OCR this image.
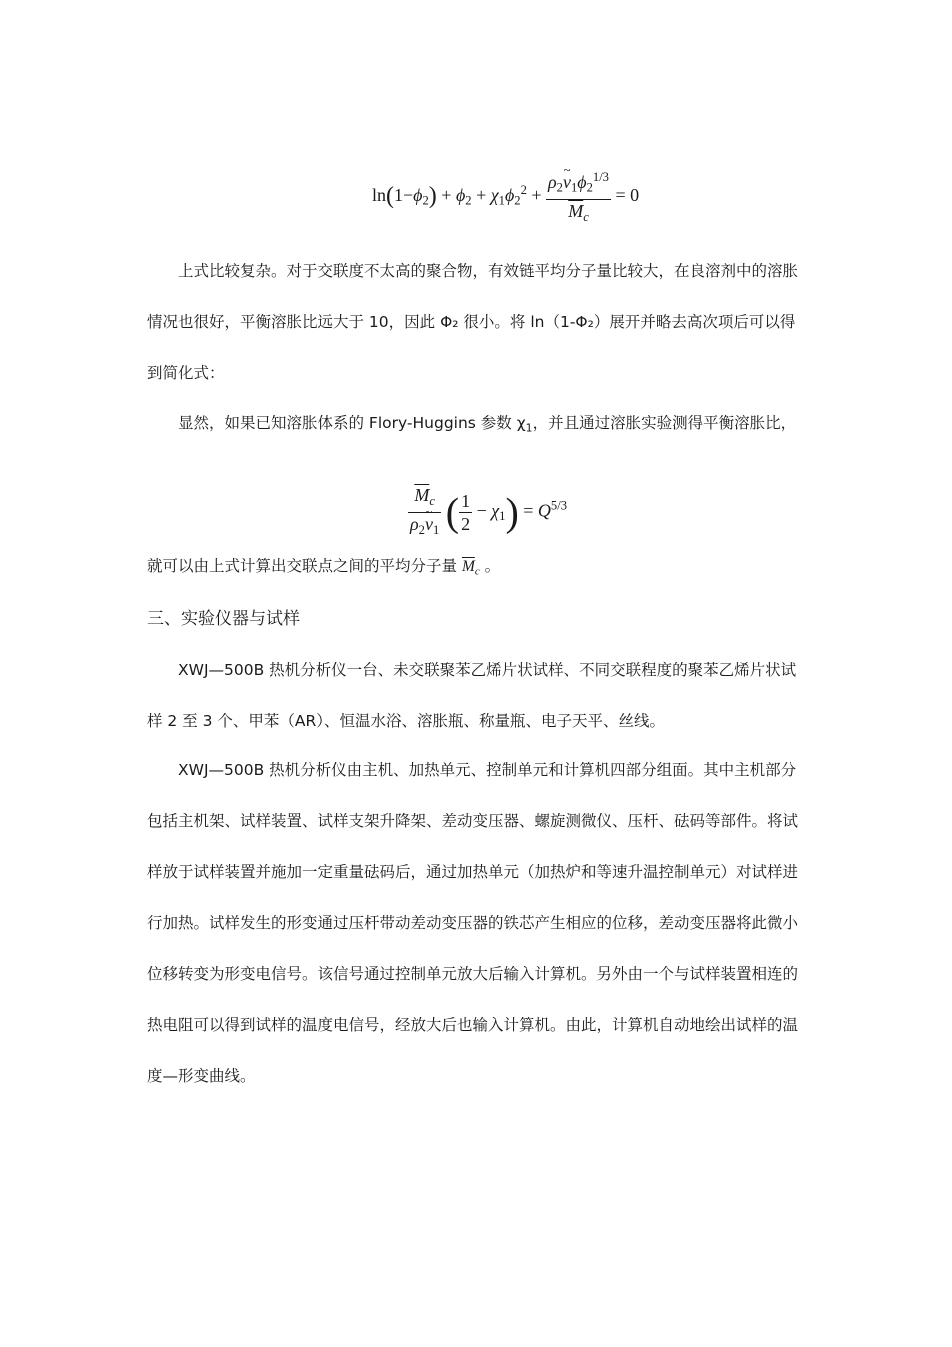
$\ln(1-\phi_2) + \phi_2 + \chi_1\phi_2^2 + \frac{\rho_2\sim v_1\phi_2^{1/3}}{\overline{M}_c} = 0$

上式比较复杂。对于交联度不太高的聚合物，有效链平均分子量比较大，在良溶剂中的溶胀情况也很好，平衡溶胀比远大于 10，因此 Φ₂ 很小。将 ln（1-Φ₂）展开并略去高次项后可以得到简化式：

显然，如果已知溶胀体系的 Flory-Huggins 参数 $\chi_1$，并且通过溶胀实验测得平衡溶胀比，

$\frac{\overline{M}_c}{\rho_2\sim v_1}$ ( $\frac{1}{2} - \chi_1) = Q^{5/3}$

就可以由上式计算出交联点之间的平均分子量 $\overline{M}_c$ 。

三、实验仪器与试样

XWJ—500B 热机分析仪一台、未交联聚苯乙烯片状试样、不同交联程度的聚苯乙烯片状试样 2 至 3 个、甲苯（AR）、恒温水浴、溶胀瓶、称量瓶、电子天平、丝线。

XWJ—500B 热机分析仪由主机、加热单元、控制单元和计算机四部分组面。其中主机部分包括主机架、试样装置、试样支架升降架、差动变压器、螺旋测微仪、压杆、砝码等部件。将试样放于试样装置并施加一定重量砝码后，通过加热单元（加热炉和等速升温控制单元）对试样进行加热。试样发生的形变通过压杆带动差动变压器的铁芯产生相应的位移，差动变压器将此微小位移转变为形变电信号。该信号通过控制单元放大后输入计算机。另外由一个与试样装置相连的热电阻可以得到试样的温度电信号，经放大后也输入计算机。由此，计算机自动地绘出试样的温度—形变曲线。
